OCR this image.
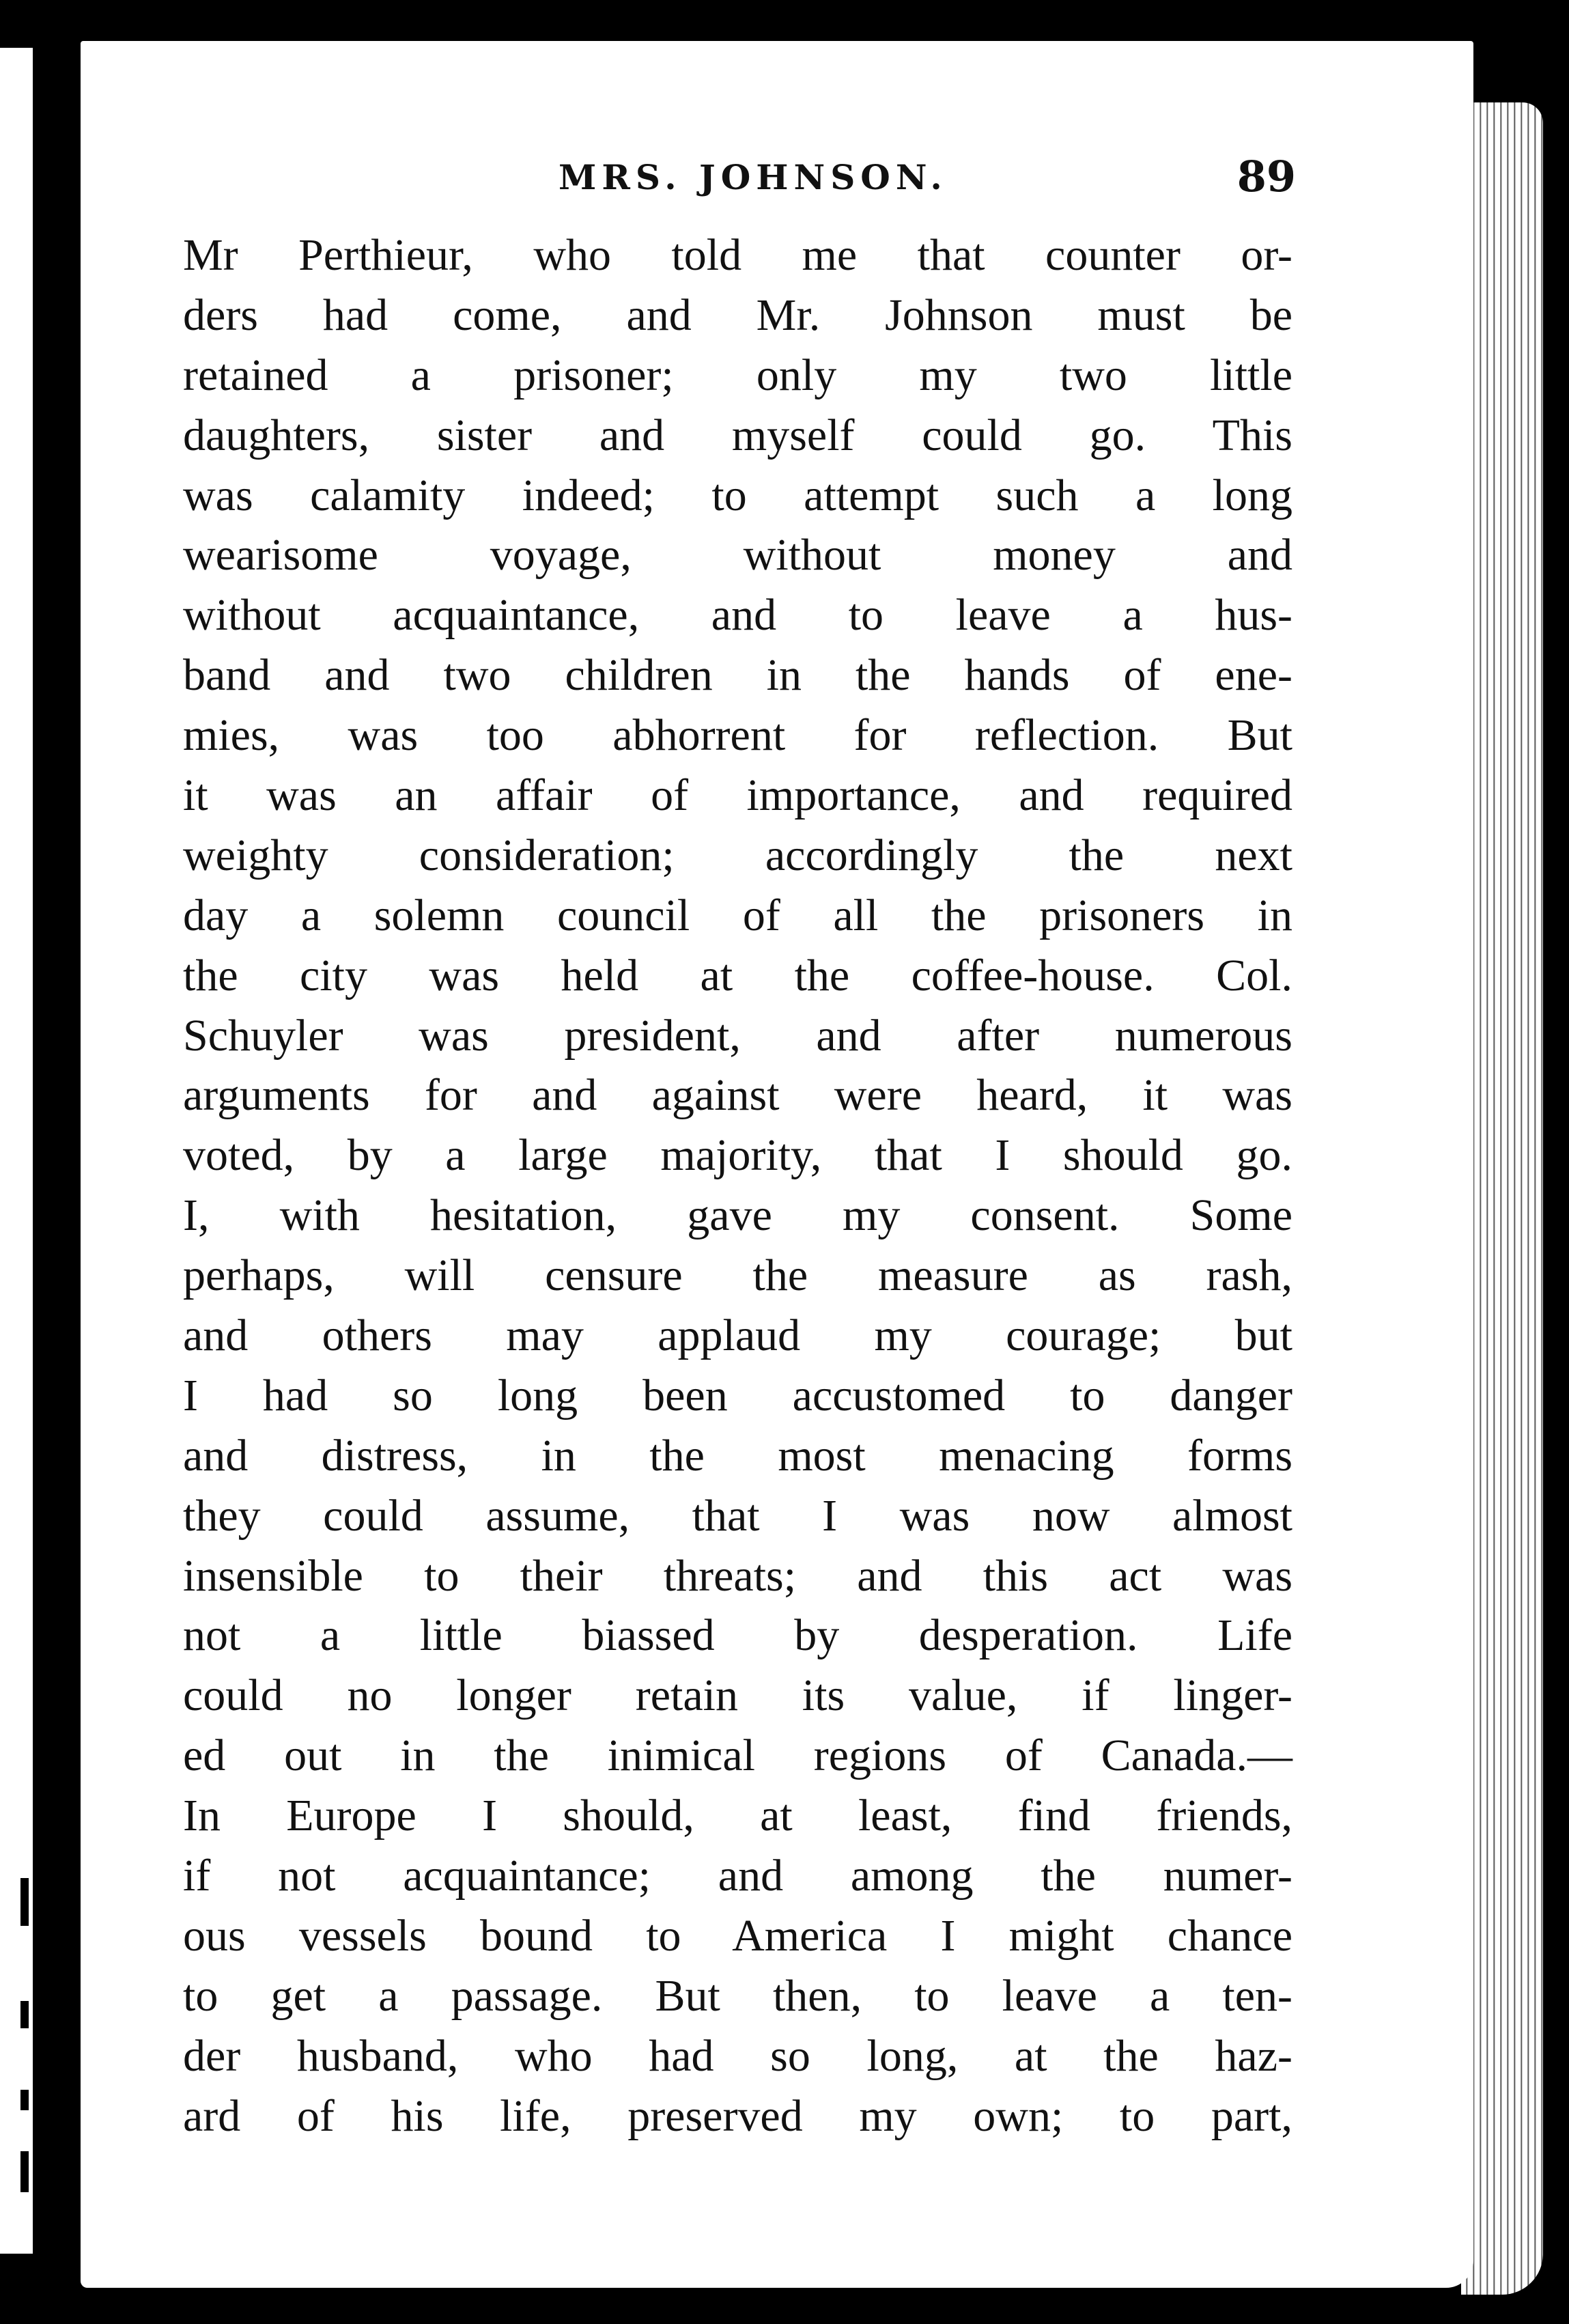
MRS. JOHNSON.	89
Mr Perthieur, who told me that counter or-
ders had come, and Mr. Johnson must be
retained a prisoner; only my two little
daughters, sister and myself could go. This
was calamity indeed; to attempt such a long
wearisome voyage, without money and
without acquaintance, and to leave a hus-
band and two children in the hands of ene-
mies, was too abhorrent for reflection. But
it was an affair of importance, and required
weighty consideration; accordingly the next
day a solemn council of all the prisoners in
the city was held at the coffee-house. Col.
Schuyler was president, and after numerous
arguments for and against were heard, it was
voted, by a large majority, that I should go.
I, with hesitation, gave my consent. Some
perhaps, will censure the measure as rash,
and others may applaud my courage; but
I had so long been accustomed to danger
and distress, in the most menacing forms
they could assume, that I was now almost
insensible to their threats; and this act was
not a little biassed by desperation. Life
could no longer retain its value, if linger-
ed out in the inimical regions of Canada.—
In Europe I should, at least, find friends,
if not acquaintance; and among the numer-
ous vessels bound to America I might chance
to get a passage. But then, to leave a ten-
der husband, who had so long, at the haz-
ard of his life, preserved my own; to part,
